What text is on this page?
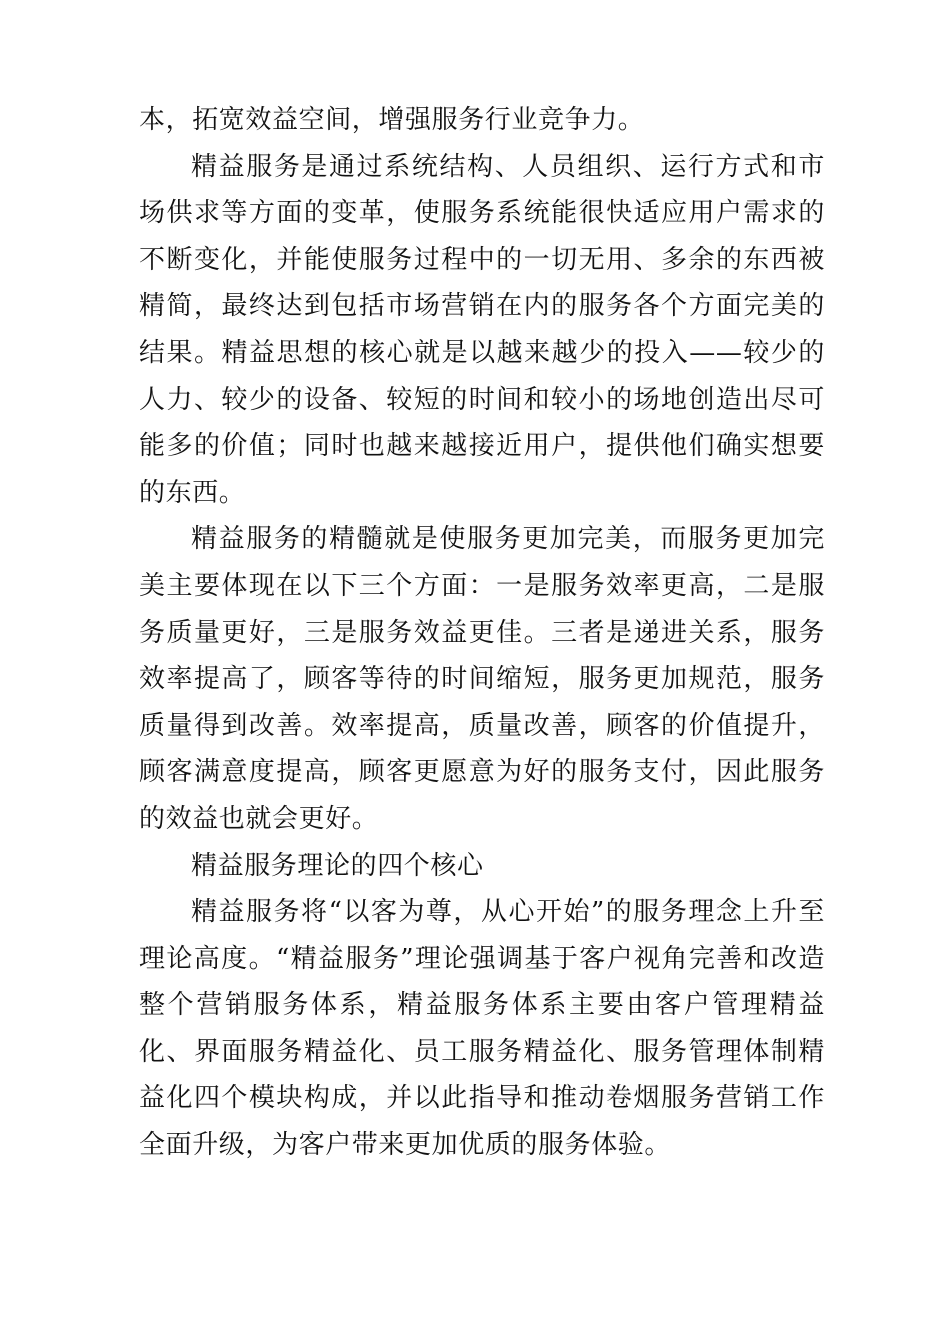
本，拓宽效益空间，增强服务行业竞争力。

精益服务是通过系统结构、人员组织、运行方式和市场供求等方面的变革，使服务系统能很快适应用户需求的不断变化，并能使服务过程中的一切无用、多余的东西被精简，最终达到包括市场营销在内的服务各个方面完美的结果。精益思想的核心就是以越来越少的投入——较少的人力、较少的设备、较短的时间和较小的场地创造出尽可能多的价值；同时也越来越接近用户，提供他们确实想要的东西。

精益服务的精髓就是使服务更加完美，而服务更加完美主要体现在以下三个方面：一是服务效率更高，二是服务质量更好，三是服务效益更佳。三者是递进关系，服务效率提高了，顾客等待的时间缩短，服务更加规范，服务质量得到改善。效率提高，质量改善，顾客的价值提升，顾客满意度提高，顾客更愿意为好的服务支付，因此服务的效益也就会更好。

精益服务理论的四个核心

精益服务将“以客为尊，从心开始”的服务理念上升至理论高度。“精益服务”理论强调基于客户视角完善和改造整个营销服务体系，精益服务体系主要由客户管理精益化、界面服务精益化、员工服务精益化、服务管理体制精益化四个模块构成，并以此指导和推动卷烟服务营销工作全面升级，为客户带来更加优质的服务体验。
